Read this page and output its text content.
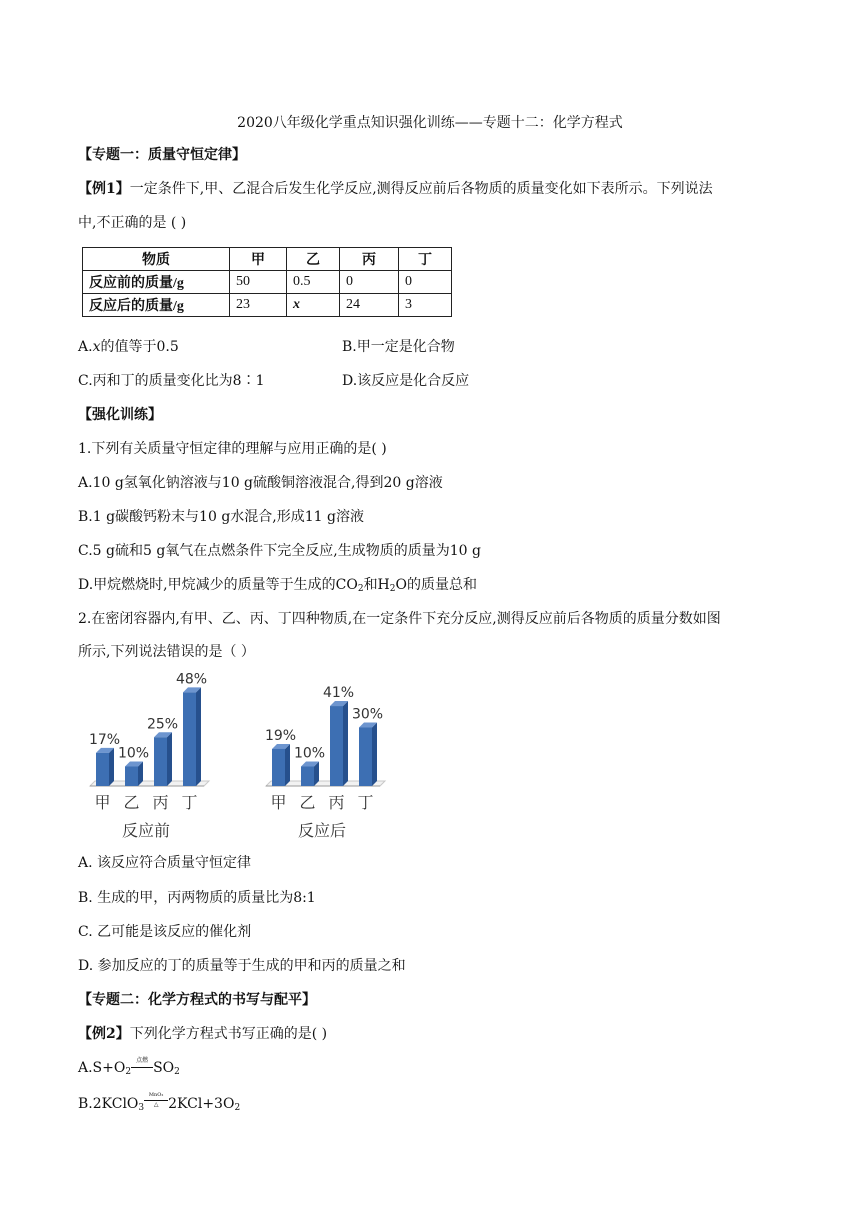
2020八年级化学重点知识强化训练——专题十二：化学方程式
【专题一：质量守恒定律】
【例1】一定条件下,甲、乙混合后发生化学反应,测得反应前后各物质的质量变化如下表所示。下列说法
中,不正确的是 ( )
物质	甲	乙	丙	丁
反应前的质量/g	50	0.5	0	0
反应后的质量/g	23	x	24	3
A.x的值等于0.5	B.甲一定是化合物
C.丙和丁的质量变化比为8∶1	D.该反应是化合反应
【强化训练】
1.下列有关质量守恒定律的理解与应用正确的是( )
A.10 g氢氧化钠溶液与10 g硫酸铜溶液混合,得到20 g溶液
B.1 g碳酸钙粉末与10 g水混合,形成11 g溶液
C.5 g硫和5 g氧气在点燃条件下完全反应,生成物质的质量为10 g
D.甲烷燃烧时,甲烷减少的质量等于生成的$CO_2$和$H_2O$的质量总和
2.在密闭容器内,有甲、乙、丙、丁四种物质,在一定条件下充分反应,测得反应前后各物质的质量分数如图
所示,下列说法错误的是（ ）
17%
甲
10%
乙
25%
丙
48%
丁
反应前
19%
甲
10%
乙
41%
丙
30%
丁
反应后
A. 该反应符合质量守恒定律
B. 生成的甲，丙两物质的质量比为8:1
C. 乙可能是该反应的催化剂
D. 参加反应的丁的质量等于生成的甲和丙的质量之和
【专题二：化学方程式的书写与配平】
【例2】下列化学方程式书写正确的是( )
$A.S+O_2$
点燃 $SO_2$
B.2KClO$_3$
MnO₂
△ $2KCl+3O_2$
